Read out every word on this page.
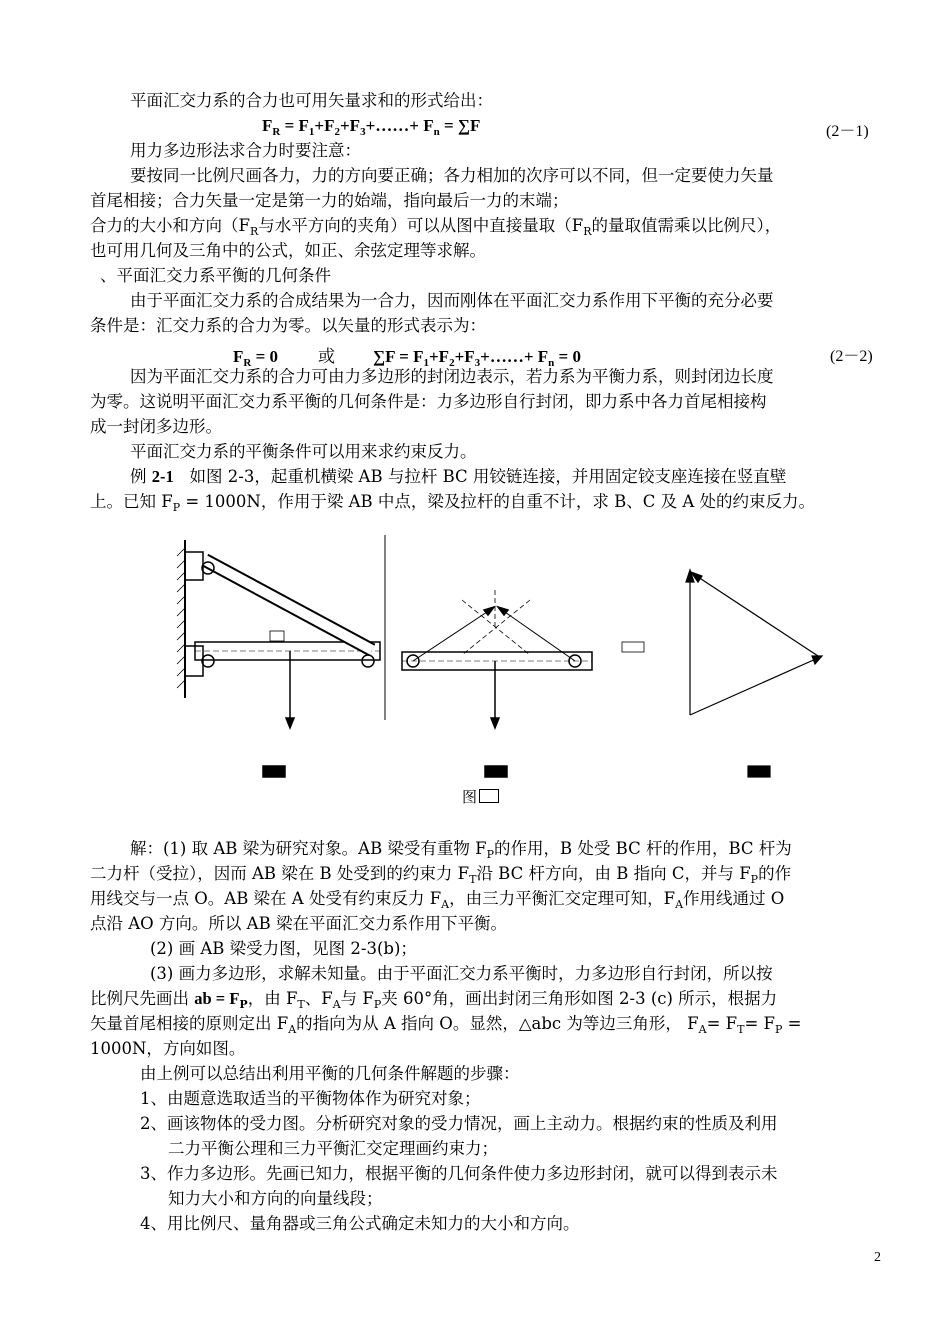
平面汇交力系的合力也可用矢量求和的形式给出：
$F_R$ = $F_1+F_2+F_3+\dots\dots+ F_n = \sum F$	(2－1)
用力多边形法求合力时要注意：
要按同一比例尺画各力，力的方向要正确；各力相加的次序可以不同，但一定要使力矢量
首尾相接；合力矢量一定是第一力的始端，指向最后一力的末端；
合力的大小和方向（$F_R$与水平方向的夹角）可以从图中直接量取（$F_R$的量取值需乘以比例尺），
也可用几何及三角中的公式，如正、余弦定理等求解。
、平面汇交力系平衡的几何条件
由于平面汇交力系的合成结果为一合力，因而刚体在平面汇交力系作用下平衡的充分必要
条件是：汇交力系的合力为零。以矢量的形式表示为：
$F_R = 0$ 或 $\sum F = F_1+F_2+F_3+\dots\dots+ F_n = 0$	(2－2)
因为平面汇交力系的合力可由力多边形的封闭边表示，若力系为平衡力系，则封闭边长度
为零。这说明平面汇交力系平衡的几何条件是：力多边形自行封闭，即力系中各力首尾相接构
成一封闭多边形。
平面汇交力系的平衡条件可以用来求约束反力。
例 2-1 如图 2-3，起重机横梁 AB 与拉杆 BC 用铰链连接，并用固定铰支座连接在竖直壁
上。已知 $F_P = 1000N$，作用于梁 AB 中点，梁及拉杆的自重不计，求 B、C 及 A 处的约束反力。
图
解：(1) 取 AB 梁为研究对象。AB 梁受有重物 $F_P$的作用，B 处受 BC 杆的作用，BC 杆为
二力杆（受拉），因而 AB 梁在 B 处受到的约束力 $F_T$沿 BC 杆方向，由 B 指向 C，并与 $F_P$的作
用线交与一点 O。AB 梁在 A 处受有约束反力 $F_A$，由三力平衡汇交定理可知，$F_A$作用线通过 O
点沿 AO 方向。所以 AB 梁在平面汇交力系作用下平衡。
(2) 画 AB 梁受力图，见图 2-3(b)；
(3) 画力多边形，求解未知量。由于平面汇交力系平衡时，力多边形自行封闭，所以按
比例尺先画出 ab = $F_P$，由 $F_T$、$F_A$与 $F_P$夹 60°角，画出封闭三角形如图 2-3 (c) 所示，根据力
矢量首尾相接的原则定出 $F_A$的指向为从 A 指向 O。显然，△abc 为等边三角形， $F_A= F_T= F_P$ =
1000N，方向如图。
由上例可以总结出利用平衡的几何条件解题的步骤：
1、由题意选取适当的平衡物体作为研究对象；
2、画该物体的受力图。分析研究对象的受力情况，画上主动力。根据约束的性质及利用
二力平衡公理和三力平衡汇交定理画约束力；
3、作力多边形。先画已知力，根据平衡的几何条件使力多边形封闭，就可以得到表示未
知力大小和方向的向量线段；
4、用比例尺、量角器或三角公式确定未知力的大小和方向。
2
